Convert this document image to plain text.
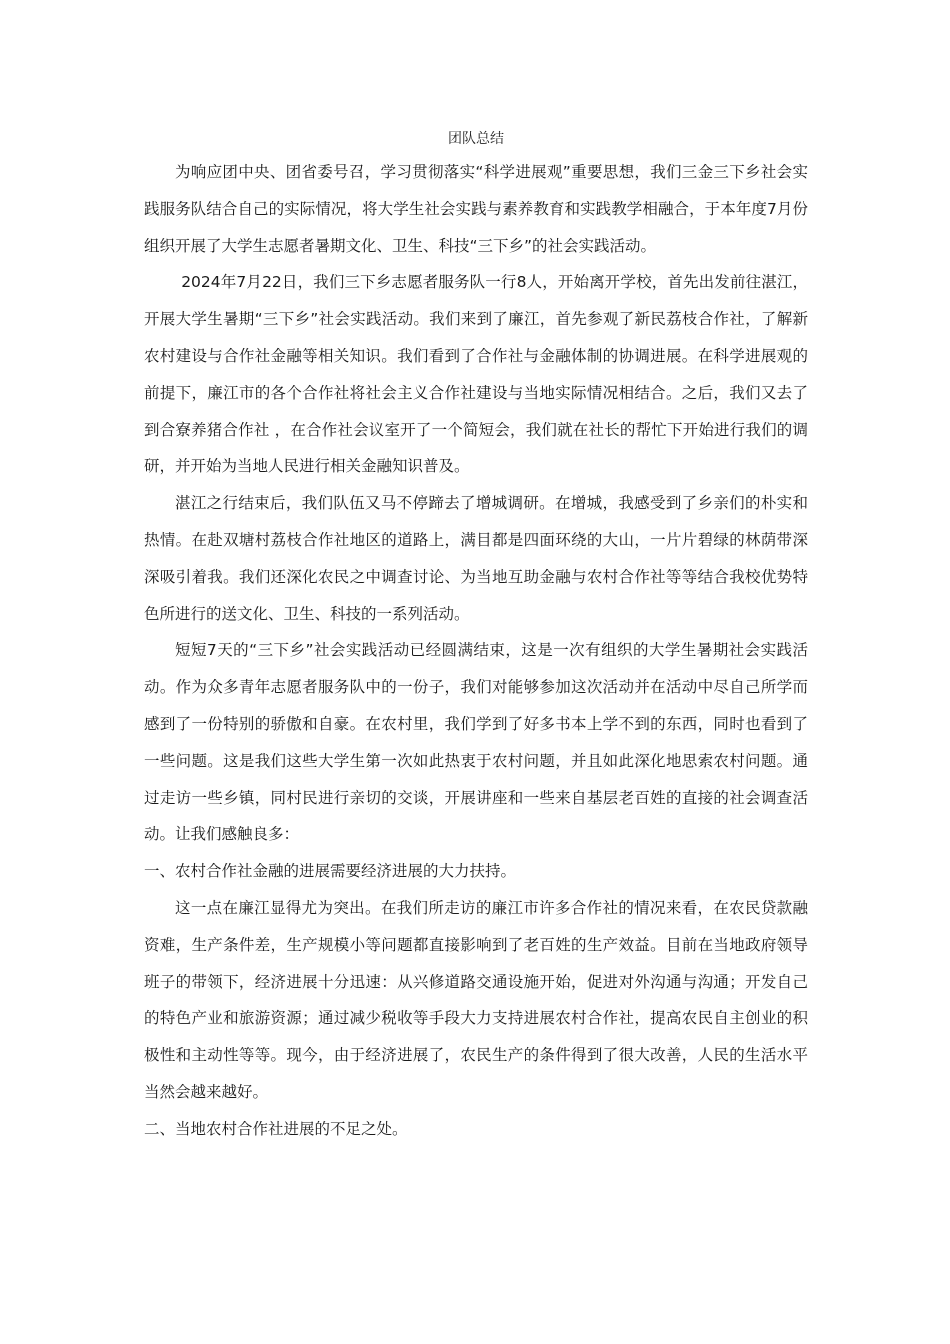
团队总结

为响应团中央、团省委号召，学习贯彻落实“科学进展观”重要思想，我们三金三下乡社会实践服务队结合自己的实际情况，将大学生社会实践与素养教育和实践教学相融合，于本年度7月份组织开展了大学生志愿者暑期文化、卫生、科技“三下乡”的社会实践活动。

2024年7月22日，我们三下乡志愿者服务队一行8人，开始离开学校，首先出发前往湛江，开展大学生暑期“三下乡”社会实践活动。我们来到了廉江，首先参观了新民荔枝合作社，了解新农村建设与合作社金融等相关知识。我们看到了合作社与金融体制的协调进展。在科学进展观的前提下，廉江市的各个合作社将社会主义合作社建设与当地实际情况相结合。之后，我们又去了到合寮养猪合作社 ，在合作社会议室开了一个简短会，我们就在社长的帮忙下开始进行我们的调研，并开始为当地人民进行相关金融知识普及。

湛江之行结束后，我们队伍又马不停蹄去了增城调研。在增城，我感受到了乡亲们的朴实和热情。在赴双塘村荔枝合作社地区的道路上，满目都是四面环绕的大山，一片片碧绿的林荫带深深吸引着我。我们还深化农民之中调查讨论、为当地互助金融与农村合作社等等结合我校优势特色所进行的送文化、卫生、科技的一系列活动。

短短7天的“三下乡”社会实践活动已经圆满结束，这是一次有组织的大学生暑期社会实践活动。作为众多青年志愿者服务队中的一份子，我们对能够参加这次活动并在活动中尽自己所学而感到了一份特别的骄傲和自豪。在农村里，我们学到了好多书本上学不到的东西，同时也看到了一些问题。这是我们这些大学生第一次如此热衷于农村问题，并且如此深化地思索农村问题。通过走访一些乡镇，同村民进行亲切的交谈，开展讲座和一些来自基层老百姓的直接的社会调查活动。让我们感触良多：

一、农村合作社金融的进展需要经济进展的大力扶持。

这一点在廉江显得尤为突出。在我们所走访的廉江市许多合作社的情况来看，在农民贷款融资难，生产条件差，生产规模小等问题都直接影响到了老百姓的生产效益。目前在当地政府领导班子的带领下，经济进展十分迅速：从兴修道路交通设施开始，促进对外沟通与沟通；开发自己的特色产业和旅游资源；通过减少税收等手段大力支持进展农村合作社，提高农民自主创业的积极性和主动性等等。现今，由于经济进展了，农民生产的条件得到了很大改善，人民的生活水平当然会越来越好。

二、当地农村合作社进展的不足之处。
